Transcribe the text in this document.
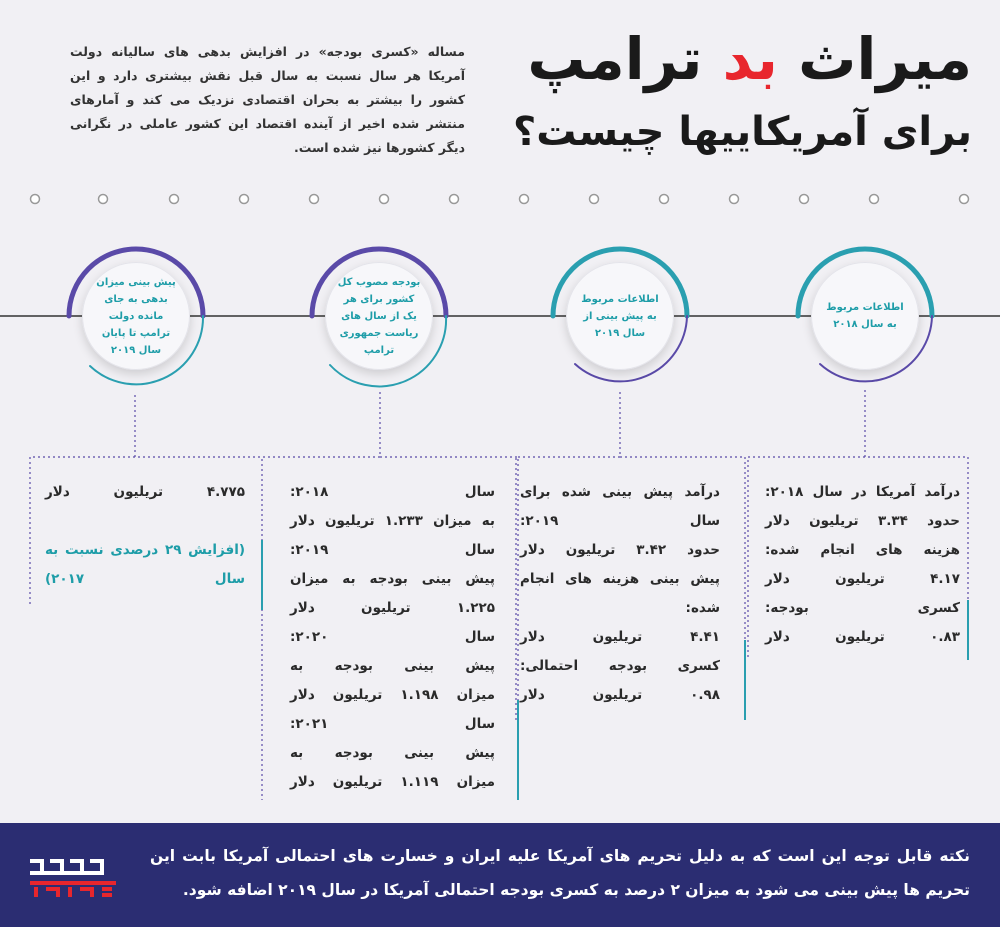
میراث بد ترامپ
برای آمریکاییها چیست؟
مساله «کسری بودجه» در افزایش بدهی های سالیانه دولت آمریکا هر سال نسبت به سال قبل نقش بیشتری دارد و این کشور را بیشتر به بحران اقتصادی نزدیک می کند و آمارهای منتشر شده اخیر از آینده اقتصاد این کشور عاملی در نگرانی دیگر کشورها نیز شده است.
اطلاعات مربوط به سال ۲۰۱۸
اطلاعات مربوط به پیش بینی از سال ۲۰۱۹
بودجه مصوب کل کشور برای هر یک از سال های ریاست جمهوری ترامپ
پیش بینی میزان بدهی به جای مانده دولت ترامپ تا پایان سال ۲۰۱۹
درآمد آمریکا در سال ۲۰۱۸:
حدود ۳.۳۴ تریلیون دلار
هزینه های انجام شده:
۴.۱۷ تریلیون دلار
کسری بودجه:
۰.۸۳ تریلیون دلار
درآمد پیش بینی شده برای
سال ۲۰۱۹:
حدود ۳.۴۲ تریلیون دلار
پیش بینی هزینه های انجام
شده:
۴.۴۱ تریلیون دلار
کسری بودجه احتمالی:
۰.۹۸ تریلیون دلار
سال ۲۰۱۸:
به میزان ۱.۲۳۳ تریلیون دلار
سال ۲۰۱۹:
پیش بینی بودجه به میزان
۱.۲۲۵ تریلیون دلار
سال ۲۰۲۰:
پیش بینی بودجه به
میزان ۱.۱۹۸ تریلیون دلار
سال ۲۰۲۱:
پیش بینی بودجه به
میزان ۱.۱۱۹ تریلیون دلار
۴.۷۷۵ تریلیون دلار
(افزایش ۲۹ درصدی نسبت به
سال ۲۰۱۷)
نکته قابل توجه این است که به دلیل تحریم های آمریکا علیه ایران و خسارت های احتمالی آمریکا بابت این تحریم ها پیش بینی می شود به میزان ۲ درصد به کسری بودجه احتمالی آمریکا در سال ۲۰۱۹ اضافه شود.
